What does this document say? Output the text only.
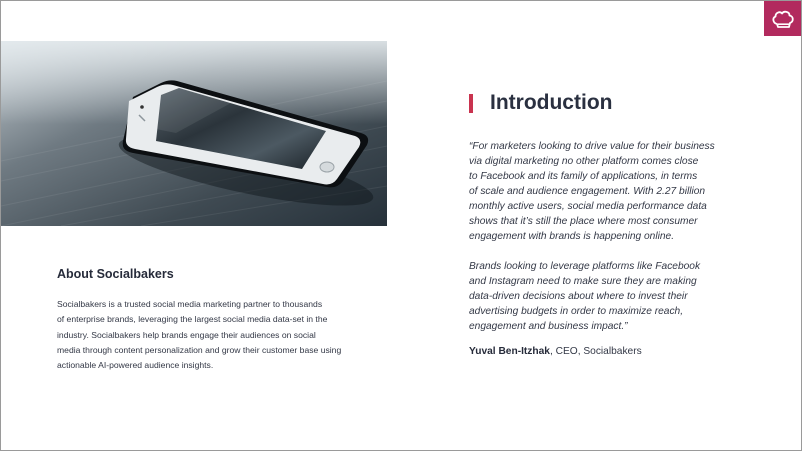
About Socialbakers

Socialbakers is a trusted social media marketing partner to thousands
of enterprise brands, leveraging the largest social media data-set in the
industry. Socialbakers help brands engage their audiences on social
media through content personalization and grow their customer base using
actionable AI-powered audience insights.

Introduction
“For marketers looking to drive value for their business
via digital marketing no other platform comes close
to Facebook and its family of applications, in terms
of scale and audience engagement. With 2.27 billion
monthly active users, social media performance data
shows that it’s still the place where most consumer
engagement with brands is happening online.
Brands looking to leverage platforms like Facebook
and Instagram need to make sure they are making
data-driven decisions about where to invest their
advertising budgets in order to maximize reach,
engagement and business impact.”
Yuval Ben-Itzhak, CEO, Socialbakers
